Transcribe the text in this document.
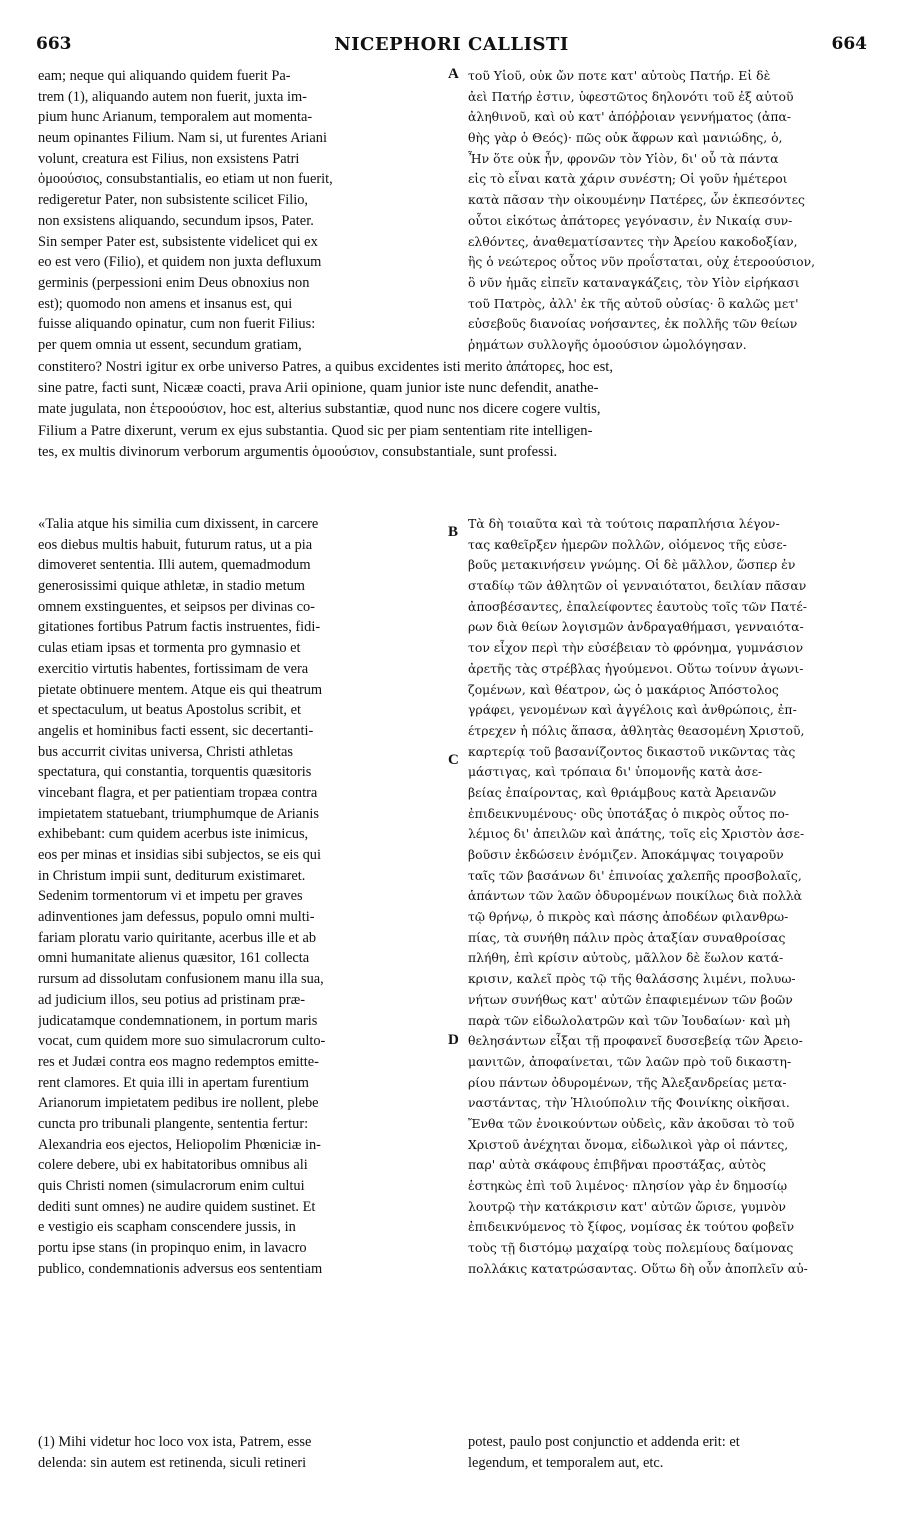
663	NICEPHORI CALLISTI	664
eam; neque qui aliquando quidem fuerit Pa-
trem (1), aliquando autem non fuerit, juxta im-
pium hunc Arianum, temporalem aut momenta-
neum opinantes Filium. Nam si, ut furentes Ariani
volunt, creatura est Filius, non exsistens Patri
ὁμοούσιος, consubstantialis, eo etiam ut non fuerit,
redigeretur Pater, non subsistente scilicet Filio,
non exsistens aliquando, secundum ipsos, Pater.
Sin semper Pater est, subsistente videlicet qui ex
eo est vero (Filio), et quidem non juxta defluxum
germinis (perpessioni enim Deus obnoxius non
est); quomodo non amens et insanus est, qui
fuisse aliquando opinatur, cum non fuerit Filius:
per quem omnia ut essent, secundum gratiam,
A τοῦ Υἱοῦ, οὐκ ὤν ποτε κατ' αὐτοὺς Πατήρ. Εἰ δὲ
ἀεὶ Πατήρ ἐστιν, ὑφεστῶτος δηλονότι τοῦ ἐξ αὐτοῦ
ἀληθινοῦ, καὶ οὐ κατ' ἀπόῤῥοιαν γεννήματος (ἀπα-
θὴς γὰρ ὁ Θεός)· πῶς οὐκ ἄφρων καὶ μανιώδης, ὁ,
Ἦν ὅτε οὐκ ἦν, φρονῶν τὸν Υἱὸν, δι' οὗ τὰ πάντα
εἰς τὸ εἶναι κατὰ χάριν συνέστη; Οἱ γοῦν ἡμέτεροι
κατὰ πᾶσαν τὴν οἰκουμένην Πατέρες, ὧν ἐκπεσόντες
οὗτοι εἰκότως ἀπάτορες γεγόνασιν, ἐν Νικαίᾳ συν-
ελθόντες, ἀναθεματίσαντες τὴν Ἀρείου κακοδοξίαν,
ἣς ὁ νεώτερος οὗτος νῦν προΐσταται, οὐχ ἑτεροούσιον,
ὃ νῦν ἡμᾶς εἰπεῖν καταναγκάζεις, τὸν Υἱὸν εἰρήκασι
τοῦ Πατρὸς, ἀλλ' ἐκ τῆς αὐτοῦ οὐσίας· ὃ καλῶς μετ'
εὐσεβοῦς διανοίας νοήσαντες, ἐκ πολλῆς τῶν θείων
ῥημάτων συλλογῆς ὁμοούσιον ὡμολόγησαν.
constitero? Nostri igitur ex orbe universo Patres, a quibus excidentes isti merito ἀπάτορες, hoc est,
sine patre, facti sunt, Nicææ coacti, prava Arii opinione, quam junior iste nunc defendit, anathe-
mate jugulata, non ἑτεροούσιον, hoc est, alterius substantiæ, quod nunc nos dicere cogere vultis,
Filium a Patre dixerunt, verum ex ejus substantia. Quod sic per piam sententiam rite intelligen-
tes, ex multis divinorum verborum argumentis ὁμοούσιον, consubstantiale, sunt professi.
«Talia atque his similia cum dixissent, in carcere
eos diebus multis habuit, futurum ratus, ut a pia
dimoveret sententia. Illi autem, quemadmodum
generosissimi quique athletæ, in stadio metum
omnem exstinguentes, et seipsos per divinas co-
gitationes fortibus Patrum factis instruentes, fidi-
culas etiam ipsas et tormenta pro gymnasio et
exercitio virtutis habentes, fortissimam de vera
pietate obtinuere mentem. Atque eis qui theatrum
et spectaculum, ut beatus Apostolus scribit, et
angelis et hominibus facti essent, sic decertanti-
bus accurrit civitas universa, Christi athletas
spectatura, qui constantia, torquentis quæsitoris
vincebant flagra, et per patientiam tropæa contra
impietatem statuebant, triumphumque de Arianis
exhibebant: cum quidem acerbus iste inimicus,
eos per minas et insidias sibi subjectos, se eis qui
in Christum impii sunt, dediturum existimaret.
Sedenim tormentorum vi et impetu per graves
adinventiones jam defessus, populo omni multi-
fariam ploratu vario quiritante, acerbus ille et ab
omni humanitate alienus quæsitor, 161 collecta
rursum ad dissolutam confusionem manu illa sua,
ad judicium illos, seu potius ad pristinam præ-
judicatamque condemnationem, in portum maris
vocat, cum quidem more suo simulacrorum culto-
res et Judæi contra eos magno redemptos emitte-
rent clamores. Et quia illi in apertam furentium
Arianorum impietatem pedibus ire nollent, plebe
cuncta pro tribunali plangente, sententia fertur:
Alexandria eos ejectos, Heliopolim Phœniciæ in-
colere debere, ubi ex habitatoribus omnibus ali
quis Christi nomen (simulacrorum enim cultui
dediti sunt omnes) ne audire quidem sustinet. Et
e vestigio eis scapham conscendere jussis, in
portu ipse stans (in propinquo enim, in lavacro
publico, condemnationis adversus eos sententiam
B
C
D
Τὰ δὴ τοιαῦτα καὶ τὰ τούτοις παραπλήσια λέγον-
τας καθεῖρξεν ἡμερῶν πολλῶν, οἰόμενος τῆς εὐσε-
βοῦς μετακινήσειν γνώμης. Οἱ δὲ μᾶλλον, ὥσπερ ἐν
σταδίῳ τῶν ἀθλητῶν οἱ γενναιότατοι, δειλίαν πᾶσαν
ἀποσβέσαντες, ἐπαλείφοντες ἑαυτοὺς τοῖς τῶν Πατέ-
ρων διὰ θείων λογισμῶν ἀνδραγαθήμασι, γενναιότα-
τον εἶχον περὶ τὴν εὐσέβειαν τὸ φρόνημα, γυμνάσιον
ἀρετῆς τὰς στρέβλας ἡγούμενοι. Οὕτω τοίνυν ἀγωνι-
ζομένων, καὶ θέατρον, ὡς ὁ μακάριος Ἀπόστολος
γράφει, γενομένων καὶ ἀγγέλοις καὶ ἀνθρώποις, ἐπ-
έτρεχεν ἡ πόλις ἅπασα, ἀθλητὰς θεασομένη Χριστοῦ,
καρτερίᾳ τοῦ βασανίζοντος δικαστοῦ νικῶντας τὰς
μάστιγας, καὶ τρόπαια δι' ὑπομονῆς κατὰ ἀσε-
βείας ἐπαίροντας, καὶ θριάμβους κατὰ Ἀρειανῶν
ἐπιδεικνυμένους· οὓς ὑποτάξας ὁ πικρὸς οὗτος πο-
λέμιος δι' ἀπειλῶν καὶ ἀπάτης, τοῖς εἰς Χριστὸν ἀσε-
βοῦσιν ἐκδώσειν ἐνόμιζεν. Ἀποκάμψας τοιγαροῦν
ταῖς τῶν βασάνων δι' ἐπινοίας χαλεπῆς προσβολαῖς,
ἁπάντων τῶν λαῶν ὀδυρομένων ποικίλως διὰ πολλὰ
τῷ θρήνῳ, ὁ πικρὸς καὶ πάσης ἀποδέων φιλανθρω-
πίας, τὰ συνήθη πάλιν πρὸς ἀταξίαν συναθροίσας
πλήθη, ἐπὶ κρίσιν αὐτοὺς, μᾶλλον δὲ ἕωλον κατά-
κρισιν, καλεῖ πρὸς τῷ τῆς θαλάσσης λιμένι, πολυω-
νήτων συνήθως κατ' αὐτῶν ἐπαφιεμένων τῶν βοῶν
παρὰ τῶν εἰδωλολατρῶν καὶ τῶν Ἰουδαίων· καὶ μὴ
θελησάντων εἶξαι τῇ προφανεῖ δυσσεβείᾳ τῶν Ἀρειο-
μανιτῶν, ἀποφαίνεται, τῶν λαῶν πρὸ τοῦ δικαστη-
ρίου πάντων ὀδυρομένων, τῆς Ἀλεξανδρείας μετα-
ναστάντας, τὴν Ἡλιούπολιν τῆς Φοινίκης οἰκῆσαι.
Ἔνθα τῶν ἐνοικούντων οὐδεὶς, κἂν ἀκοῦσαι τὸ τοῦ
Χριστοῦ ἀνέχηται ὄνομα, εἰδωλικοὶ γὰρ οἱ πάντες,
παρ' αὐτὰ σκάφους ἐπιβῆναι προστάξας, αὐτὸς
ἑστηκὼς ἐπὶ τοῦ λιμένος· πλησίον γὰρ ἐν δημοσίῳ
λουτρῷ τὴν κατάκρισιν κατ' αὐτῶν ὥρισε, γυμνὸν
ἐπιδεικνύμενος τὸ ξίφος, νομίσας ἐκ τούτου φοβεῖν
τοὺς τῇ διστόμῳ μαχαίρᾳ τοὺς πολεμίους δαίμονας
πολλάκις κατατρώσαντας. Οὕτω δὴ οὖν ἀποπλεῖν αὐ-
(1) Mihi videtur hoc loco vox ista, Patrem, esse
delenda: sin autem est retinenda, siculi retineri
potest, paulo post conjunctio et addenda erit: et
legendum, et temporalem aut, etc.
